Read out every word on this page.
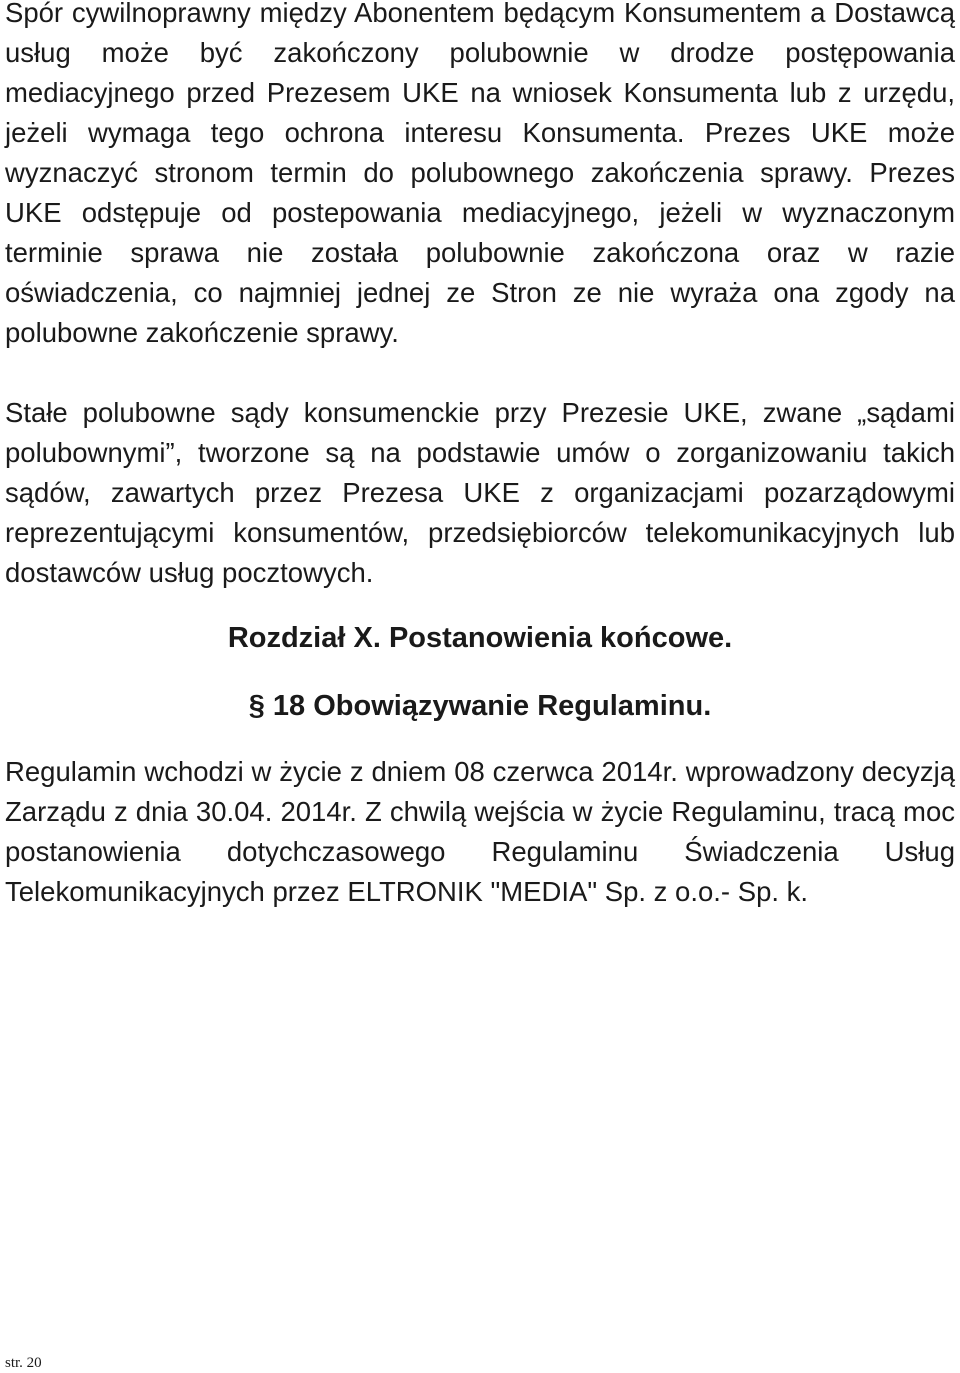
Spór cywilnoprawny między Abonentem będącym Konsumentem a Dostawcą usług może być zakończony polubownie w drodze postępowania mediacyjnego przed Prezesem UKE na wniosek Konsumenta lub z urzędu, jeżeli wymaga tego ochrona interesu Konsumenta. Prezes UKE może wyznaczyć stronom termin do polubownego zakończenia sprawy. Prezes UKE odstępuje od postepowania mediacyjnego, jeżeli w wyznaczonym terminie sprawa nie została polubownie zakończona oraz w razie oświadczenia, co najmniej jednej ze Stron ze nie wyraża ona zgody na polubowne zakończenie sprawy.

Stałe polubowne sądy konsumenckie przy Prezesie UKE, zwane „sądami polubownymi”, tworzone są na podstawie umów o zorganizowaniu takich sądów, zawartych przez Prezesa UKE z organizacjami pozarządowymi reprezentującymi konsumentów, przedsiębiorców telekomunikacyjnych lub dostawców usług pocztowych.

Rozdział X. Postanowienia końcowe.
§ 18 Obowiązywanie Regulaminu.

Regulamin wchodzi w życie z dniem 08 czerwca 2014r. wprowadzony decyzją Zarządu z dnia 30.04. 2014r. Z chwilą wejścia w życie Regulaminu, tracą moc postanowienia dotychczasowego Regulaminu Świadczenia Usług Telekomunikacyjnych przez ELTRONIK "MEDIA" Sp. z o.o.- Sp. k.

str. 20
